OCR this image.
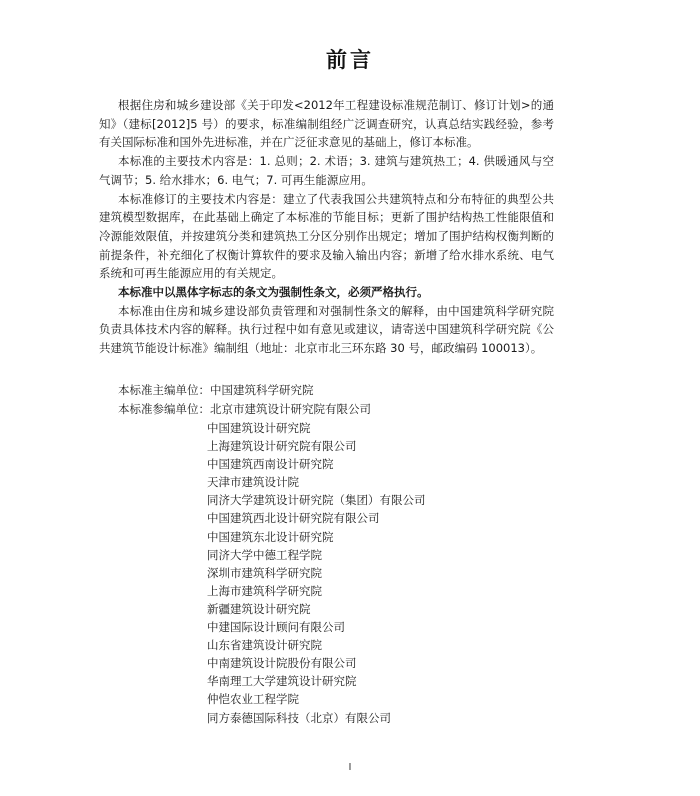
前言

根据住房和城乡建设部《关于印发<2012年工程建设标准规范制订、修订计划>的通知》（建标[2012]5 号）的要求，标准编制组经广泛调查研究，认真总结实践经验，参考有关国际标准和国外先进标准，并在广泛征求意见的基础上，修订本标准。

本标准的主要技术内容是：1. 总则；2. 术语；3. 建筑与建筑热工；4. 供暖通风与空气调节；5. 给水排水；6. 电气；7. 可再生能源应用。

本标准修订的主要技术内容是：建立了代表我国公共建筑特点和分布特征的典型公共建筑模型数据库，在此基础上确定了本标准的节能目标；更新了围护结构热工性能限值和冷源能效限值，并按建筑分类和建筑热工分区分别作出规定；增加了围护结构权衡判断的前提条件，补充细化了权衡计算软件的要求及输入输出内容；新增了给水排水系统、电气系统和可再生能源应用的有关规定。

本标准中以黑体字标志的条文为强制性条文，必须严格执行。

本标准由住房和城乡建设部负责管理和对强制性条文的解释，由中国建筑科学研究院负责具体技术内容的解释。执行过程中如有意见或建议，请寄送中国建筑科学研究院《公共建筑节能设计标准》编制组（地址：北京市北三环东路 30 号，邮政编码 100013）。

本标准主编单位：中国建筑科学研究院
本标准参编单位：北京市建筑设计研究院有限公司
中国建筑设计研究院
上海建筑设计研究院有限公司
中国建筑西南设计研究院
天津市建筑设计院
同济大学建筑设计研究院（集团）有限公司
中国建筑西北设计研究院有限公司
中国建筑东北设计研究院
同济大学中德工程学院
深圳市建筑科学研究院
上海市建筑科学研究院
新疆建筑设计研究院
中建国际设计顾问有限公司
山东省建筑设计研究院
中南建筑设计院股份有限公司
华南理工大学建筑设计研究院
仲恺农业工程学院
同方泰德国际科技（北京）有限公司
I
